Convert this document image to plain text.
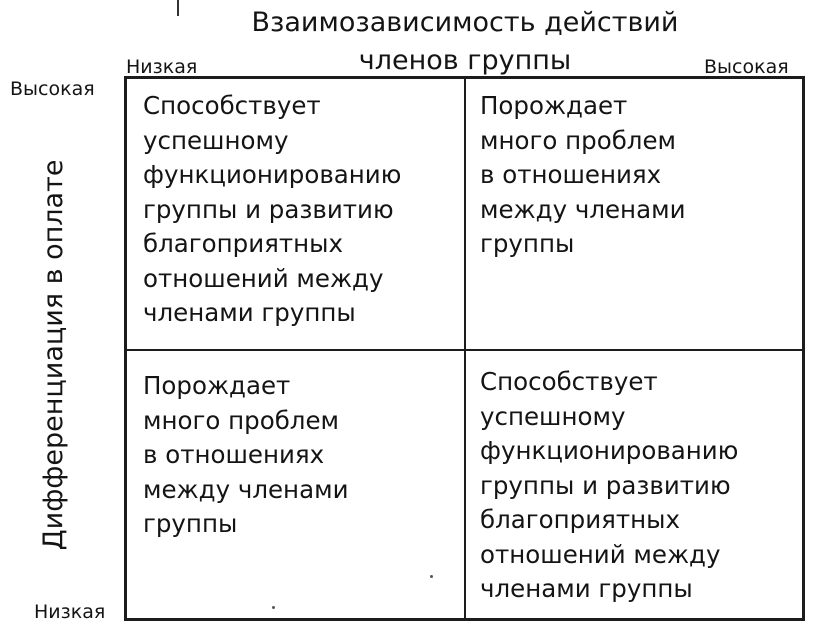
Взаимозависимость действий
членов группы
Низкая	Высокая
Высокая
Низкая
Дифференциация в оплате
Способствует
успешному
функционированию
группы и развитию
благоприятных
отношений между
членами группы
Порождает
много проблем
в отношениях
между членами
группы
Порождает
много проблем
в отношениях
между членами
группы
Способствует
успешному
функционированию
группы и развитию
благоприятных
отношений между
членами группы
